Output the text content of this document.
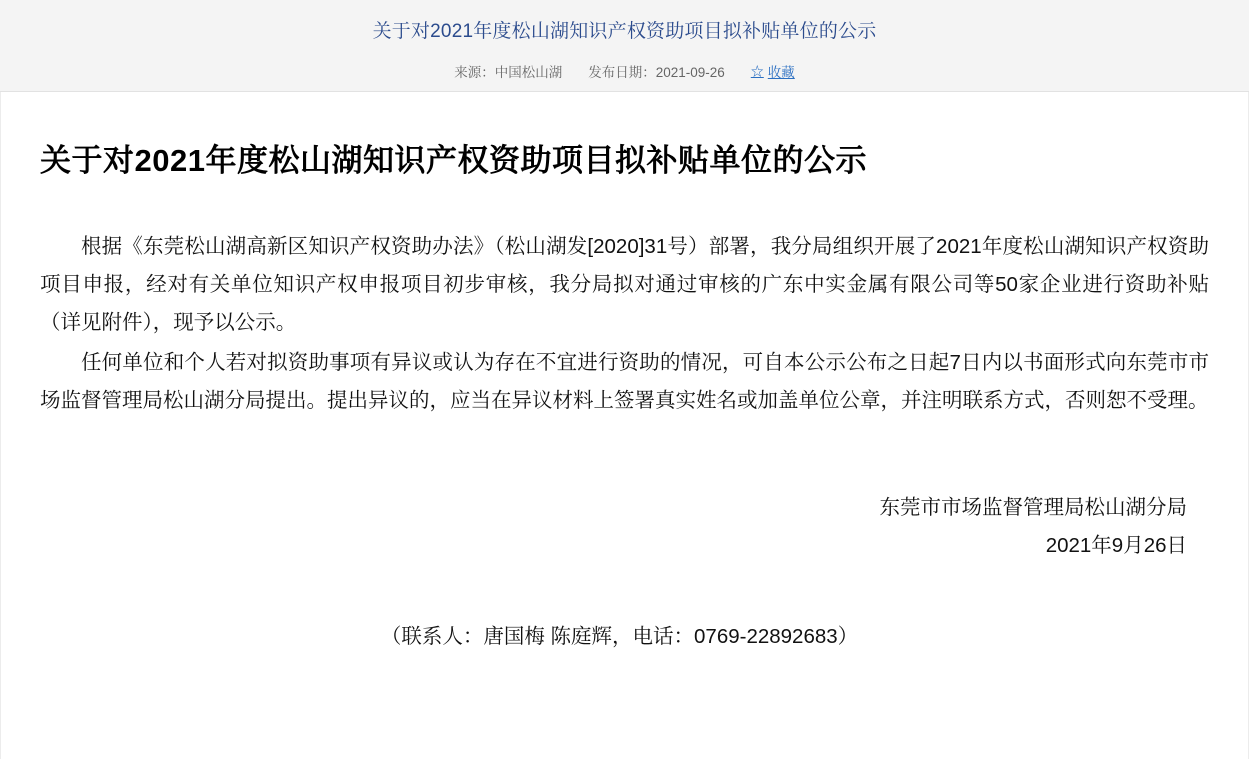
关于对2021年度松山湖知识产权资助项目拟补贴单位的公示
来源：中国松山湖 发布日期：2021-09-26 ☆ 收藏
关于对2021年度松山湖知识产权资助项目拟补贴单位的公示

根据《东莞松山湖高新区知识产权资助办法》（松山湖发[2020]31号）部署，我分局组织开展了2021年度松山湖知识产权资助项目申报，经对有关单位知识产权申报项目初步审核，我分局拟对通过审核的广东中实金属有限公司等50家企业进行资助补贴（详见附件），现予以公示。

任何单位和个人若对拟资助事项有异议或认为存在不宜进行资助的情况，可自本公示公布之日起7日内以书面形式向东莞市市场监督管理局松山湖分局提出。提出异议的，应当在异议材料上签署真实姓名或加盖单位公章，并注明联系方式，否则恕不受理。

东莞市市场监督管理局松山湖分局
2021年9月26日
（联系人：唐国梅 陈庭辉，电话：0769-22892683）
